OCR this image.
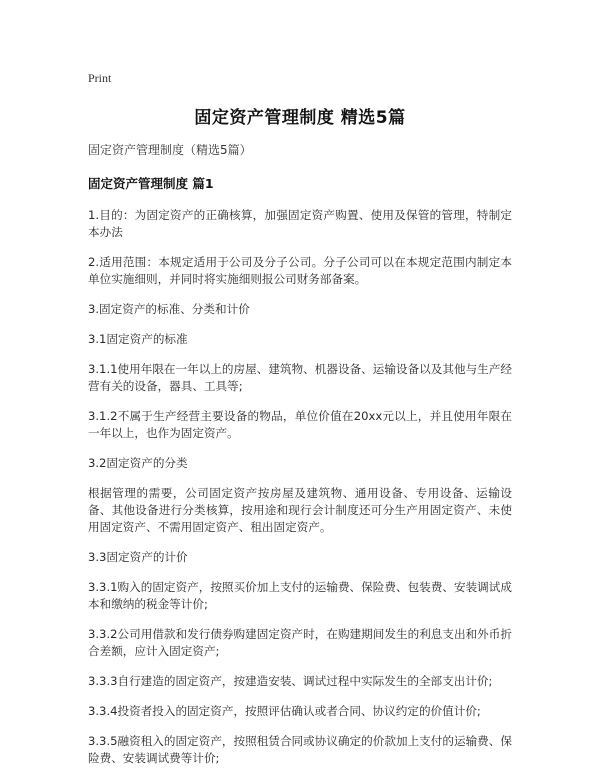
Print
固定资产管理制度 精选5篇
固定资产管理制度（精选5篇）
固定资产管理制度 篇1

1.目的：为固定资产的正确核算，加强固定资产购置、使用及保管的管理，特制定本办法

2.适用范围：本规定适用于公司及分子公司。分子公司可以在本规定范围内制定本单位实施细则，并同时将实施细则报公司财务部备案。

3.固定资产的标准、分类和计价

3.1固定资产的标准

3.1.1使用年限在一年以上的房屋、建筑物、机器设备、运输设备以及其他与生产经营有关的设备，器具、工具等;

3.1.2不属于生产经营主要设备的物品，单位价值在20xx元以上，并且使用年限在一年以上，也作为固定资产。

3.2固定资产的分类

根据管理的需要，公司固定资产按房屋及建筑物、通用设备、专用设备、运输设备、其他设备进行分类核算，按用途和现行会计制度还可分生产用固定资产、未使用固定资产、不需用固定资产、租出固定资产。

3.3固定资产的计价

3.3.1购入的固定资产，按照买价加上支付的运输费、保险费、包装费、安装调试成本和缴纳的税金等计价;

3.3.2公司用借款和发行债券购建固定资产时，在购建期间发生的利息支出和外币折合差额，应计入固定资产;

3.3.3自行建造的固定资产，按建造安装、调试过程中实际发生的全部支出计价;

3.3.4投资者投入的固定资产，按照评估确认或者合同、协议约定的价值计价;

3.3.5融资租入的固定资产，按照租赁合同或协议确定的价款加上支付的运输费、保险费、安装调试费等计价;
